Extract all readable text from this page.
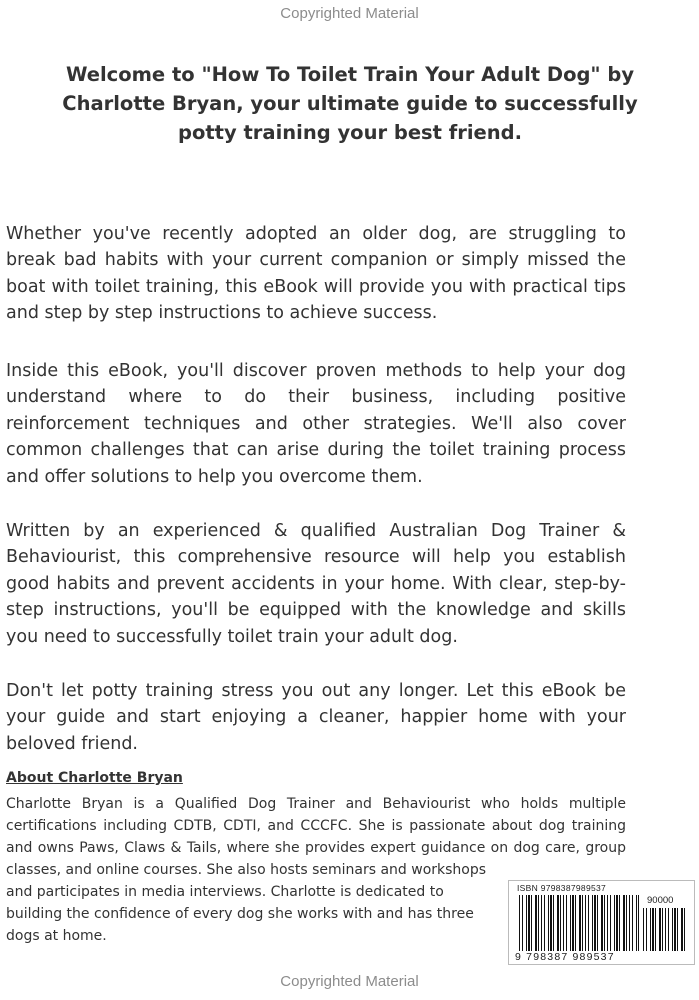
Copyrighted Material
Welcome to "How To Toilet Train Your Adult Dog" by
Charlotte Bryan, your ultimate guide to successfully
potty training your best friend.

Whether you've recently adopted an older dog, are struggling to break bad habits with your current companion or simply missed the boat with toilet training, this eBook will provide you with practical tips and step by step instructions to achieve success.

Inside this eBook, you'll discover proven methods to help your dog understand where to do their business, including positive reinforcement techniques and other strategies. We'll also cover common challenges that can arise during the toilet training process and offer solutions to help you overcome them.

Written by an experienced & qualified Australian Dog Trainer & Behaviourist, this comprehensive resource will help you establish good habits and prevent accidents in your home. With clear, step-by-step instructions, you'll be equipped with the knowledge and skills you need to successfully toilet train your adult dog.

Don't let potty training stress you out any longer. Let this eBook be your guide and start enjoying a cleaner, happier home with your beloved friend.

About Charlotte Bryan
Charlotte Bryan is a Qualified Dog Trainer and Behaviourist who holds multiple certifications including CDTB, CDTI, and CCCFC. She is passionate about dog training and owns Paws, Claws & Tails, where she provides expert guidance on dog care, group classes, and online courses. She also hosts seminars and workshops
and participates in media interviews. Charlotte is dedicated to building the confidence of every dog she works with and has three dogs at home.
ISBN 9798387989537
90000
9 798387 989537
Copyrighted Material
